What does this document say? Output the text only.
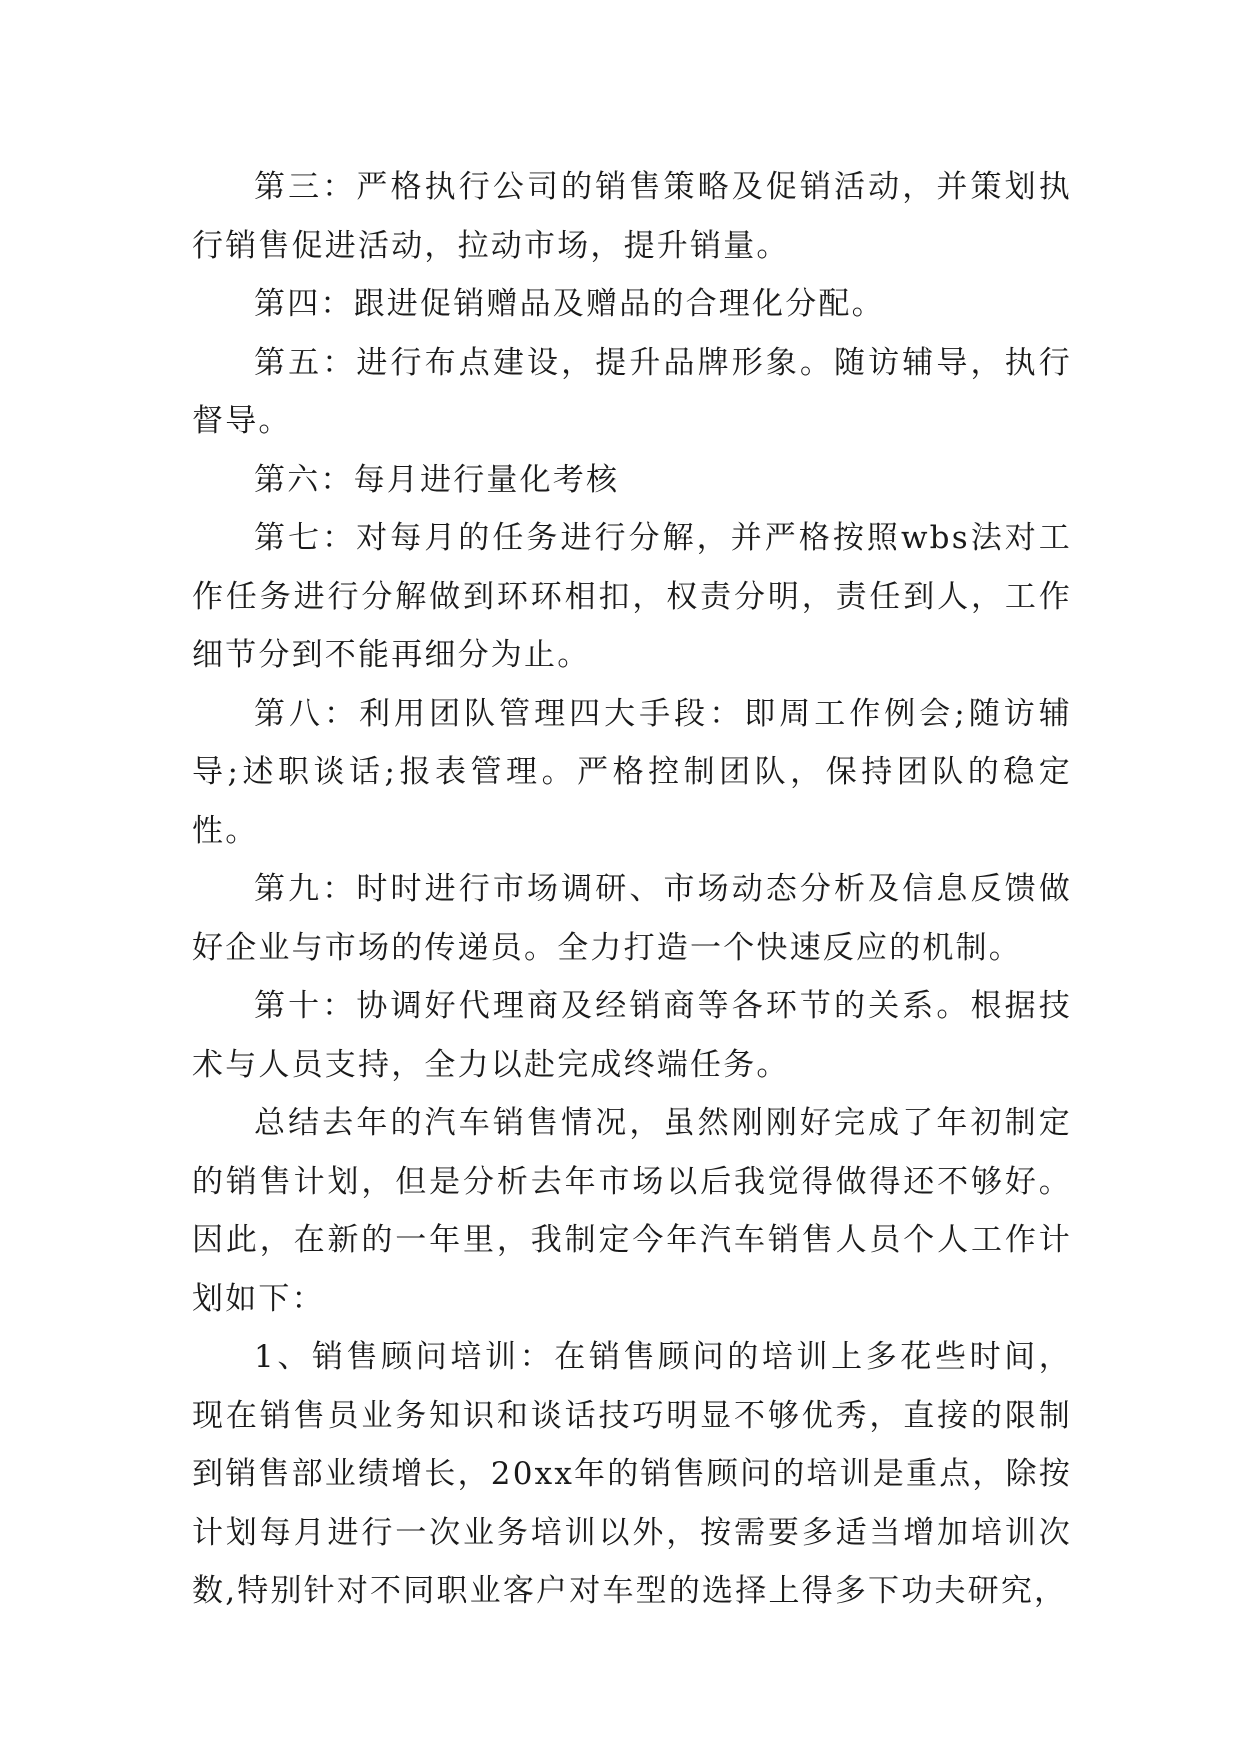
第三：严格执行公司的销售策略及促销活动，并策划执行销售促进活动，拉动市场，提升销量。

第四：跟进促销赠品及赠品的合理化分配。

第五：进行布点建设，提升品牌形象。随访辅导，执行督导。

第六：每月进行量化考核

第七：对每月的任务进行分解，并严格按照wbs法对工作任务进行分解做到环环相扣，权责分明，责任到人，工作细节分到不能再细分为止。

第八：利用团队管理四大手段：即周工作例会;随访辅导;述职谈话;报表管理。严格控制团队，保持团队的稳定性。

第九：时时进行市场调研、市场动态分析及信息反馈做好企业与市场的传递员。全力打造一个快速反应的机制。

第十：协调好代理商及经销商等各环节的关系。根据技术与人员支持，全力以赴完成终端任务。

总结去年的汽车销售情况，虽然刚刚好完成了年初制定的销售计划，但是分析去年市场以后我觉得做得还不够好。因此，在新的一年里，我制定今年汽车销售人员个人工作计划如下：

1、销售顾问培训：在销售顾问的培训上多花些时间，现在销售员业务知识和谈话技巧明显不够优秀，直接的限制到销售部业绩增长，20xx年的销售顾问的培训是重点，除按计划每月进行一次业务培训以外，按需要多适当增加培训次数,特别针对不同职业客户对车型的选择上得多下功夫研究，
